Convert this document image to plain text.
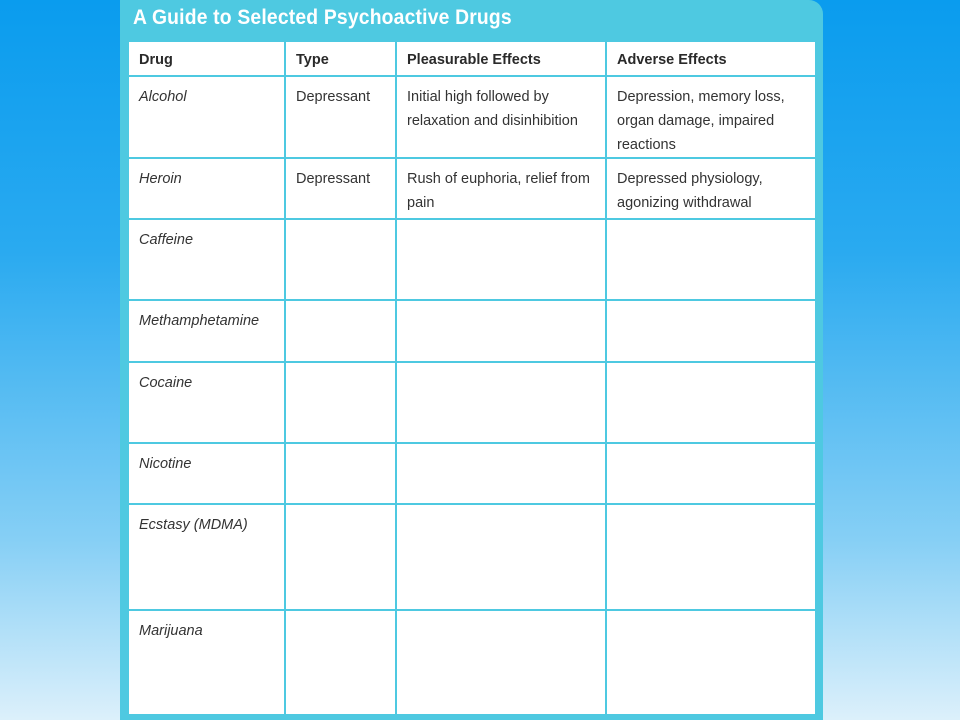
A Guide to Selected Psychoactive Drugs
Drug	Type	Pleasurable Effects	Adverse Effects
Alcohol	Depressant	Initial high followed by relaxation and disinhibition	Depression, memory loss, organ damage, impaired reactions
Heroin	Depressant	Rush of euphoria, relief from pain	Depressed physiology, agonizing withdrawal
Caffeine			
Methamphetamine			
Cocaine			
Nicotine			
Ecstasy (MDMA)			
Marijuana			
